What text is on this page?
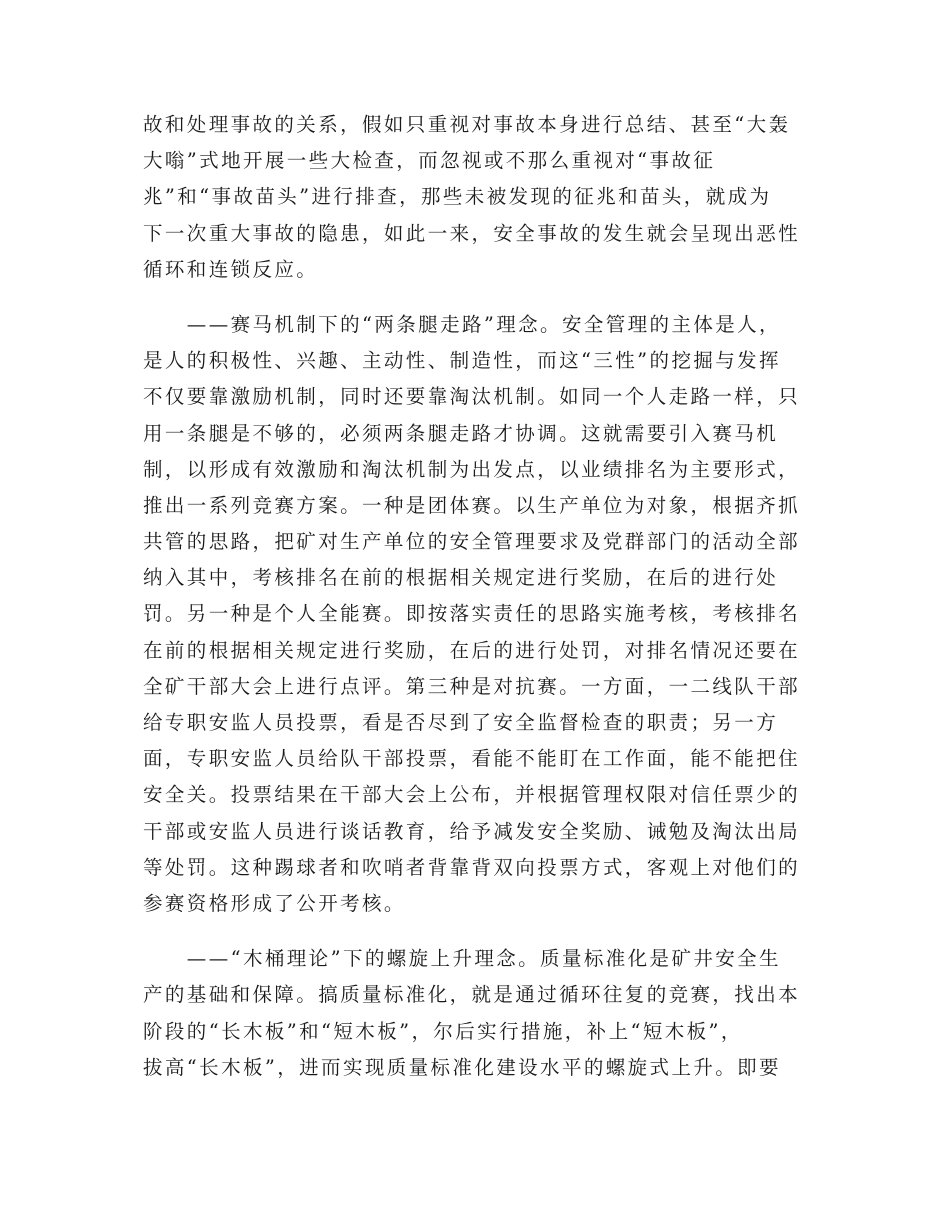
故和处理事故的关系，假如只重视对事故本身进行总结、甚至“大轰
大嗡”式地开展一些大检查，而忽视或不那么重视对“事故征
兆”和“事故苗头”进行排查，那些未被发现的征兆和苗头，就成为
下一次重大事故的隐患，如此一来，安全事故的发生就会呈现出恶性
循环和连锁反应。
　　——赛马机制下的“两条腿走路”理念。安全管理的主体是人，
是人的积极性、兴趣、主动性、制造性，而这“三性”的挖掘与发挥
不仅要靠激励机制，同时还要靠淘汰机制。如同一个人走路一样，只
用一条腿是不够的，必须两条腿走路才协调。这就需要引入赛马机
制，以形成有效激励和淘汰机制为出发点，以业绩排名为主要形式，
推出一系列竞赛方案。一种是团体赛。以生产单位为对象，根据齐抓
共管的思路，把矿对生产单位的安全管理要求及党群部门的活动全部
纳入其中，考核排名在前的根据相关规定进行奖励，在后的进行处
罚。另一种是个人全能赛。即按落实责任的思路实施考核，考核排名
在前的根据相关规定进行奖励，在后的进行处罚，对排名情况还要在
全矿干部大会上进行点评。第三种是对抗赛。一方面，一二线队干部
给专职安监人员投票，看是否尽到了安全监督检查的职责；另一方
面，专职安监人员给队干部投票，看能不能盯在工作面，能不能把住
安全关。投票结果在干部大会上公布，并根据管理权限对信任票少的
干部或安监人员进行谈话教育，给予减发安全奖励、诫勉及淘汰出局
等处罚。这种踢球者和吹哨者背靠背双向投票方式，客观上对他们的
参赛资格形成了公开考核。
　　——“木桶理论”下的螺旋上升理念。质量标准化是矿井安全生
产的基础和保障。搞质量标准化，就是通过循环往复的竞赛，找出本
阶段的“长木板”和“短木板”，尔后实行措施，补上“短木板”，
拔高“长木板”，进而实现质量标准化建设水平的螺旋式上升。即要
